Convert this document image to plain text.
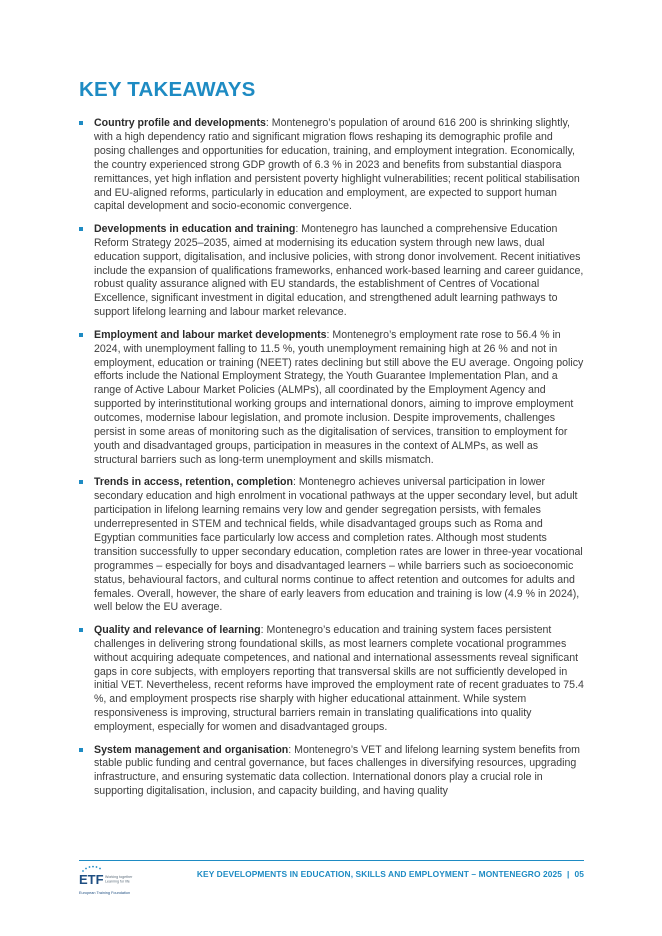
KEY TAKEAWAYS
Country profile and developments: Montenegro’s population of around 616 200 is shrinking slightly, with a high dependency ratio and significant migration flows reshaping its demographic profile and posing challenges and opportunities for education, training, and employment integration. Economically, the country experienced strong GDP growth of 6.3 % in 2023 and benefits from substantial diaspora remittances, yet high inflation and persistent poverty highlight vulnerabilities; recent political stabilisation and EU-aligned reforms, particularly in education and employment, are expected to support human capital development and socio-economic convergence.
Developments in education and training: Montenegro has launched a comprehensive Education Reform Strategy 2025–2035, aimed at modernising its education system through new laws, dual education support, digitalisation, and inclusive policies, with strong donor involvement. Recent initiatives include the expansion of qualifications frameworks, enhanced work-based learning and career guidance, robust quality assurance aligned with EU standards, the establishment of Centres of Vocational Excellence, significant investment in digital education, and strengthened adult learning pathways to support lifelong learning and labour market relevance.
Employment and labour market developments: Montenegro’s employment rate rose to 56.4 % in 2024, with unemployment falling to 11.5 %, youth unemployment remaining high at 26 % and not in employment, education or training (NEET) rates declining but still above the EU average. Ongoing policy efforts include the National Employment Strategy, the Youth Guarantee Implementation Plan, and a range of Active Labour Market Policies (ALMPs), all coordinated by the Employment Agency and supported by interinstitutional working groups and international donors, aiming to improve employment outcomes, modernise labour legislation, and promote inclusion. Despite improvements, challenges persist in some areas of monitoring such as the digitalisation of services, transition to employment for youth and disadvantaged groups, participation in measures in the context of ALMPs, as well as structural barriers such as long-term unemployment and skills mismatch.
Trends in access, retention, completion: Montenegro achieves universal participation in lower secondary education and high enrolment in vocational pathways at the upper secondary level, but adult participation in lifelong learning remains very low and gender segregation persists, with females underrepresented in STEM and technical fields, while disadvantaged groups such as Roma and Egyptian communities face particularly low access and completion rates. Although most students transition successfully to upper secondary education, completion rates are lower in three-year vocational programmes – especially for boys and disadvantaged learners – while barriers such as socioeconomic status, behavioural factors, and cultural norms continue to affect retention and outcomes for adults and females. Overall, however, the share of early leavers from education and training is low (4.9 % in 2024), well below the EU average.
Quality and relevance of learning: Montenegro’s education and training system faces persistent challenges in delivering strong foundational skills, as most learners complete vocational programmes without acquiring adequate competences, and national and international assessments reveal significant gaps in core subjects, with employers reporting that transversal skills are not sufficiently developed in initial VET. Nevertheless, recent reforms have improved the employment rate of recent graduates to 75.4 %, and employment prospects rise sharply with higher educational attainment. While system responsiveness is improving, structural barriers remain in translating qualifications into quality employment, especially for women and disadvantaged groups.
System management and organisation: Montenegro’s VET and lifelong learning system benefits from stable public funding and central governance, but faces challenges in diversifying resources, upgrading infrastructure, and ensuring systematic data collection. International donors play a crucial role in supporting digitalisation, inclusion, and capacity building, and having quality
ETF Working together
Learning for life
European Training Foundation
KEY DEVELOPMENTS IN EDUCATION, SKILLS AND EMPLOYMENT – MONTENEGRO 2025 | 05
